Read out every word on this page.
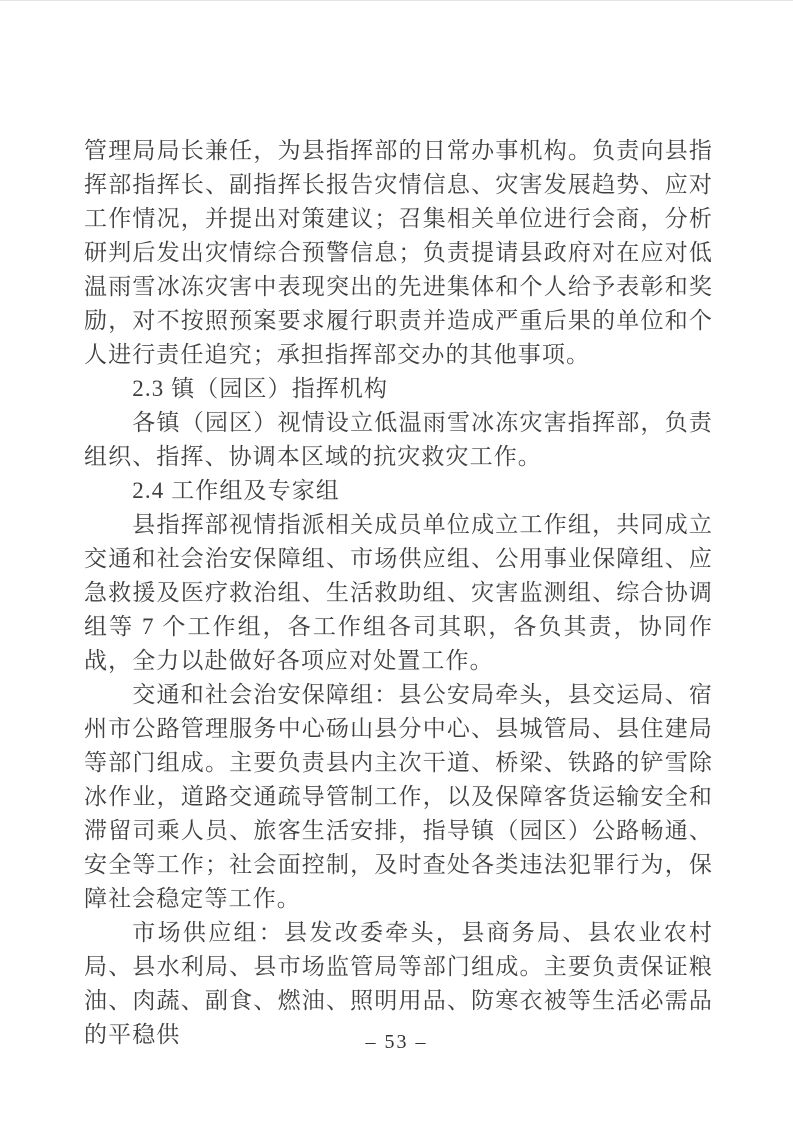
管理局局长兼任，为县指挥部的日常办事机构。负责向县指挥部指挥长、副指挥长报告灾情信息、灾害发展趋势、应对工作情况，并提出对策建议；召集相关单位进行会商，分析研判后发出灾情综合预警信息；负责提请县政府对在应对低温雨雪冰冻灾害中表现突出的先进集体和个人给予表彰和奖励，对不按照预案要求履行职责并造成严重后果的单位和个人进行责任追究；承担指挥部交办的其他事项。

2.3 镇（园区）指挥机构

各镇（园区）视情设立低温雨雪冰冻灾害指挥部，负责组织、指挥、协调本区域的抗灾救灾工作。

2.4 工作组及专家组

县指挥部视情指派相关成员单位成立工作组，共同成立交通和社会治安保障组、市场供应组、公用事业保障组、应急救援及医疗救治组、生活救助组、灾害监测组、综合协调组等 7 个工作组，各工作组各司其职，各负其责，协同作战，全力以赴做好各项应对处置工作。

交通和社会治安保障组：县公安局牵头，县交运局、宿州市公路管理服务中心砀山县分中心、县城管局、县住建局等部门组成。主要负责县内主次干道、桥梁、铁路的铲雪除冰作业，道路交通疏导管制工作，以及保障客货运输安全和滞留司乘人员、旅客生活安排，指导镇（园区）公路畅通、安全等工作；社会面控制，及时查处各类违法犯罪行为，保障社会稳定等工作。

市场供应组：县发改委牵头，县商务局、县农业农村局、县水利局、县市场监管局等部门组成。主要负责保证粮油、肉蔬、副食、燃油、照明用品、防寒衣被等生活必需品的平稳供	– 53 –
